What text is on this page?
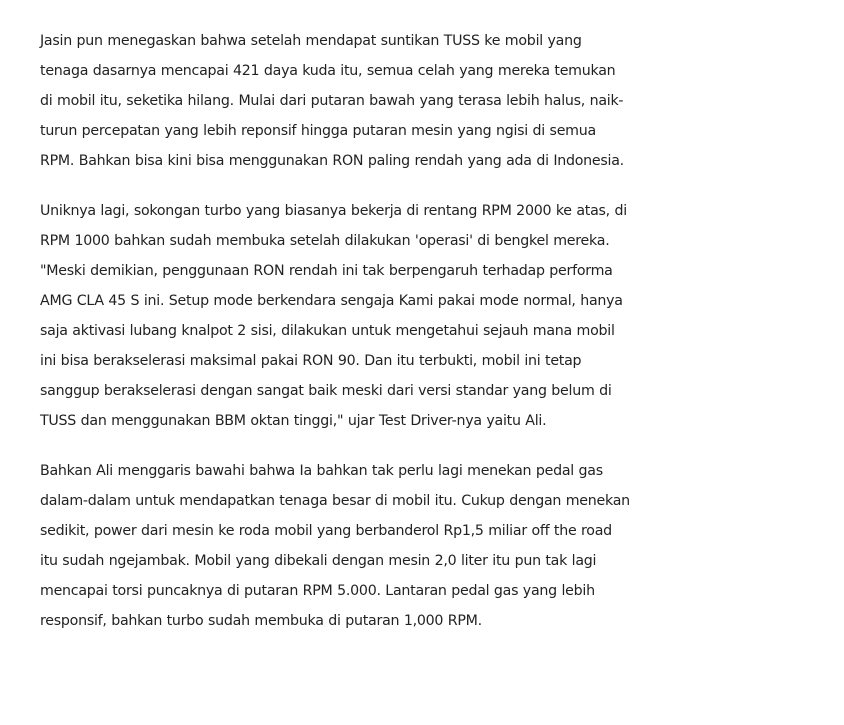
Jasin pun menegaskan bahwa setelah mendapat suntikan TUSS ke mobil yang tenaga dasarnya mencapai 421 daya kuda itu, semua celah yang mereka temukan di mobil itu, seketika hilang. Mulai dari putaran bawah yang terasa lebih halus, naik-turun percepatan yang lebih reponsif hingga putaran mesin yang ngisi di semua RPM. Bahkan bisa kini bisa menggunakan RON paling rendah yang ada di Indonesia.

Uniknya lagi, sokongan turbo yang biasanya bekerja di rentang RPM 2000 ke atas, di RPM 1000 bahkan sudah membuka setelah dilakukan 'operasi' di bengkel mereka. "Meski demikian, penggunaan RON rendah ini tak berpengaruh terhadap performa AMG CLA 45 S ini. Setup mode berkendara sengaja Kami pakai mode normal, hanya saja aktivasi lubang knalpot 2 sisi, dilakukan untuk mengetahui sejauh mana mobil ini bisa berakselerasi maksimal pakai RON 90. Dan itu terbukti, mobil ini tetap sanggup berakselerasi dengan sangat baik meski dari versi standar yang belum di TUSS dan menggunakan BBM oktan tinggi," ujar Test Driver-nya yaitu Ali.

Bahkan Ali menggaris bawahi bahwa Ia bahkan tak perlu lagi menekan pedal gas dalam-dalam untuk mendapatkan tenaga besar di mobil itu. Cukup dengan menekan sedikit, power dari mesin ke roda mobil yang berbanderol Rp1,5 miliar off the road itu sudah ngejambak. Mobil yang dibekali dengan mesin 2,0 liter itu pun tak lagi mencapai torsi puncaknya di putaran RPM 5.000. Lantaran pedal gas yang lebih responsif, bahkan turbo sudah membuka di putaran 1,000 RPM.
